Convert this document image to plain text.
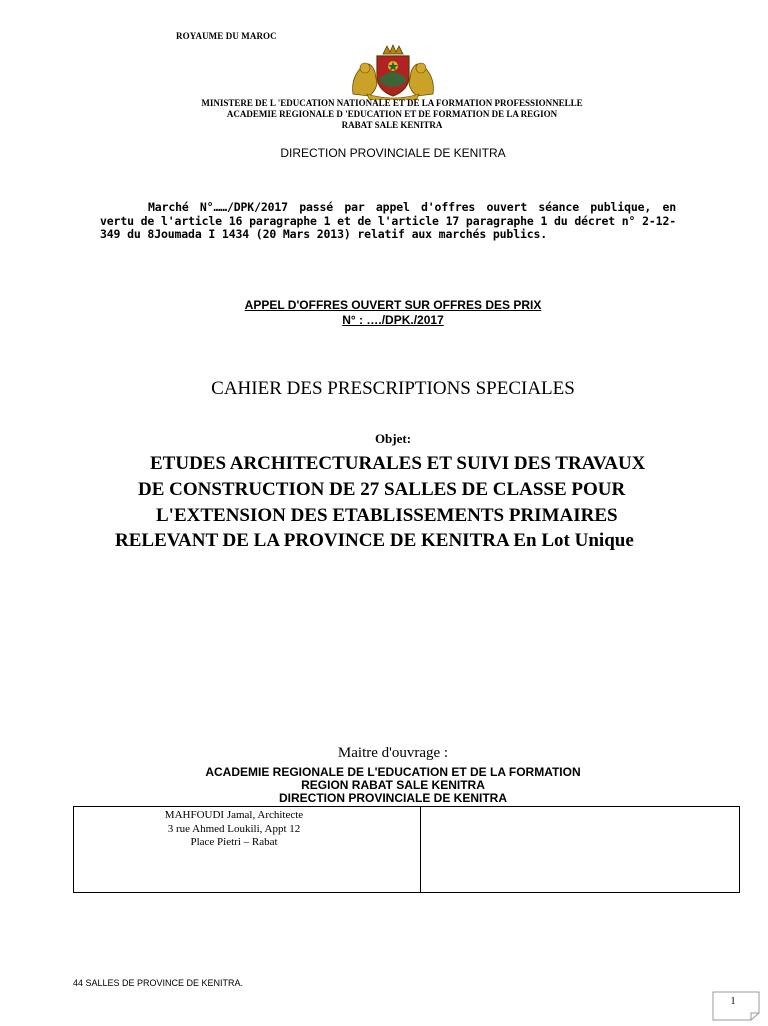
ROYAUME DU MAROC
MINISTERE DE L 'EDUCATION NATIONALE ET DE LA FORMATION PROFESSIONNELLE
ACADEMIE REGIONALE D 'EDUCATION ET DE FORMATION DE LA REGION
RABAT SALE KENITRA
DIRECTION PROVINCIALE DE KENITRA
Marché N°……/DPK/2017 passé par appel d'offres ouvert séance publique, en vertu de l'article 16 paragraphe 1 et de l'article 17 paragraphe 1 du décret n° 2-12-349 du 8Joumada I 1434 (20 Mars 2013) relatif aux marchés publics.
APPEL D'OFFRES OUVERT SUR OFFRES DES PRIX
N° : …./DPK./2017
CAHIER DES PRESCRIPTIONS SPECIALES
Objet:
ETUDES ARCHITECTURALES ET SUIVI DES TRAVAUX
DE CONSTRUCTION DE 27 SALLES DE CLASSE POUR
L'EXTENSION DES ETABLISSEMENTS PRIMAIRES
RELEVANT DE LA PROVINCE DE KENITRA En Lot Unique
Maitre d'ouvrage :
ACADEMIE REGIONALE DE L'EDUCATION ET DE LA FORMATION
REGION RABAT SALE KENITRA
DIRECTION PROVINCIALE DE KENITRA
MAHFOUDI Jamal, Architecte
3 rue Ahmed Loukili, Appt 12
Place Pietri – Rabat
44 SALLES DE PROVINCE DE KENITRA.
1
